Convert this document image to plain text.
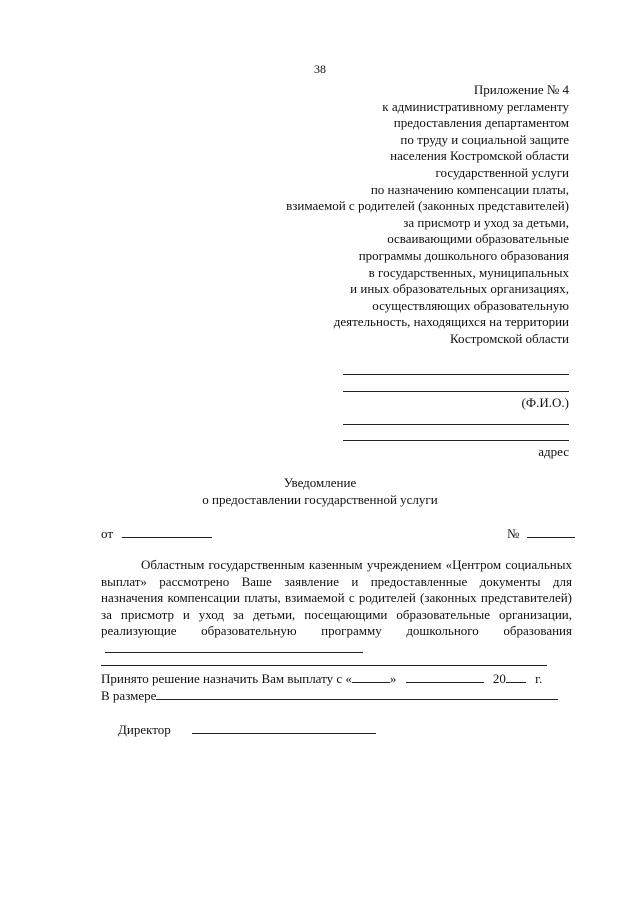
38
Приложение № 4
к административному регламенту
предоставления департаментом
по труду и социальной защите
населения Костромской области
государственной услуги
по назначению компенсации платы,
взимаемой с родителей (законных представителей)
за присмотр и уход за детьми,
осваивающими образовательные
программы дошкольного образования
в государственных, муниципальных
и иных образовательных организациях,
осуществляющих образовательную
деятельность, находящихся на территории
Костромской области
(Ф.И.О.)
адрес
Уведомление
о предоставлении государственной услуги
от	№

Областным государственным казенным учреждением «Центром социальных выплат» рассмотрено Ваше заявление и предоставленные документы для назначения компенсации платы, взимаемой с родителей (законных представителей) за присмотр и уход за детьми, посещающими образовательные организации, реализующие образовательную программу дошкольного образования

Принято решение назначить Вам выплату с «	»	20 г.
В размере
Директор
